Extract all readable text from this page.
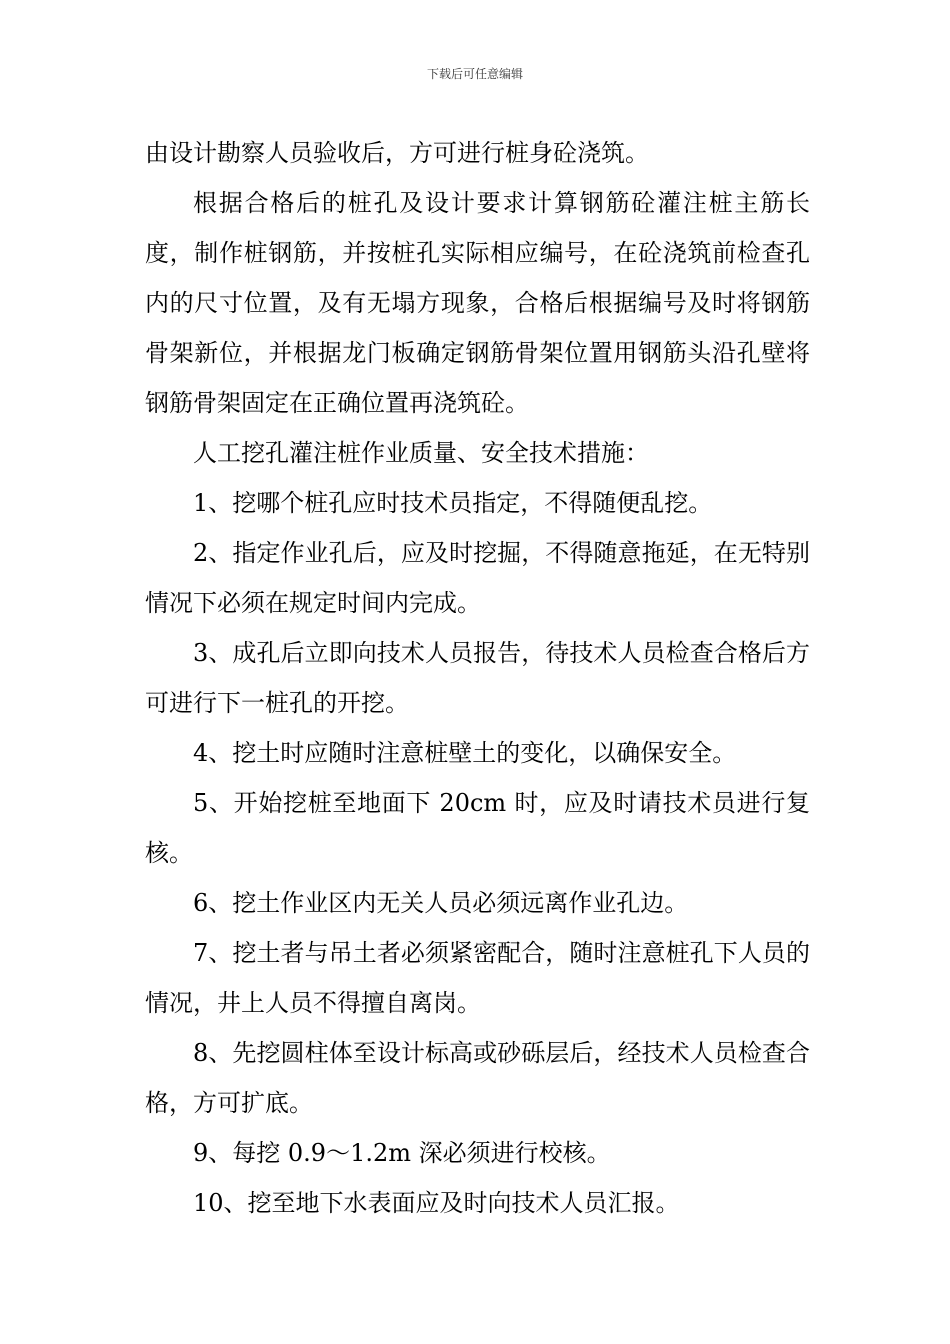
下载后可任意编辑

由设计勘察人员验收后，方可进行桩身砼浇筑。

根据合格后的桩孔及设计要求计算钢筋砼灌注桩主筋长度，制作桩钢筋，并按桩孔实际相应编号，在砼浇筑前检查孔内的尺寸位置，及有无塌方现象，合格后根据编号及时将钢筋骨架新位，并根据龙门板确定钢筋骨架位置用钢筋头沿孔壁将钢筋骨架固定在正确位置再浇筑砼。

人工挖孔灌注桩作业质量、安全技术措施：

1、挖哪个桩孔应时技术员指定，不得随便乱挖。

2、指定作业孔后，应及时挖掘，不得随意拖延，在无特别情况下必须在规定时间内完成。

3、成孔后立即向技术人员报告，待技术人员检查合格后方可进行下一桩孔的开挖。

4、挖土时应随时注意桩壁土的变化，以确保安全。

5、开始挖桩至地面下 20cm 时，应及时请技术员进行复核。

6、挖土作业区内无关人员必须远离作业孔边。

7、挖土者与吊土者必须紧密配合，随时注意桩孔下人员的情况，井上人员不得擅自离岗。

8、先挖圆柱体至设计标高或砂砾层后，经技术人员检查合格，方可扩底。

9、每挖 0.9～1.2m 深必须进行校核。

10、挖至地下水表面应及时向技术人员汇报。
